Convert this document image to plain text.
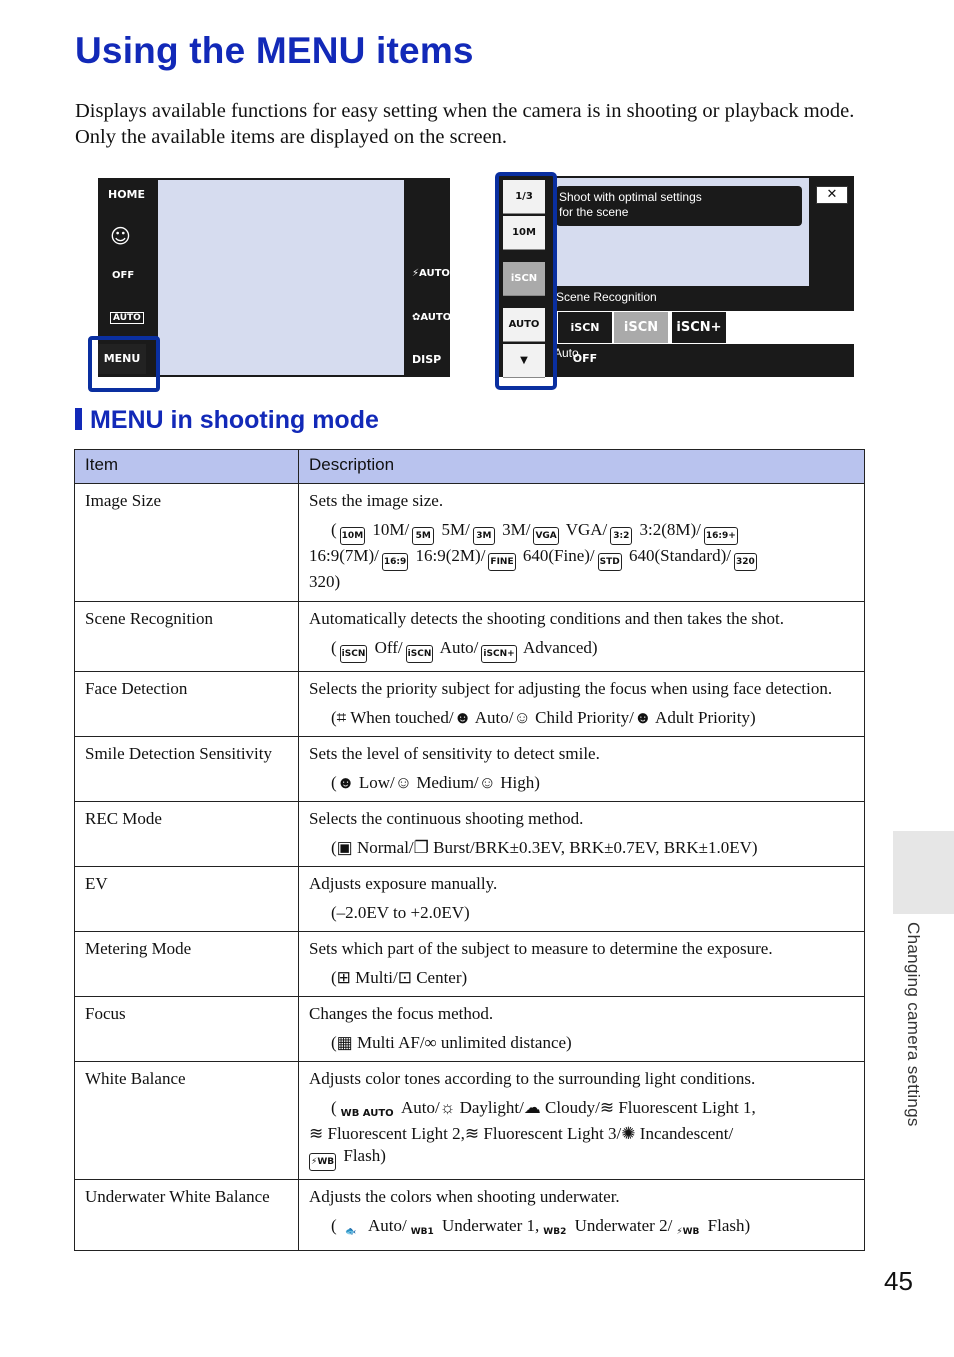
Using the MENU items

Displays available functions for easy setting when the camera is in shooting or playback mode. Only the available items are displayed on the screen.

HOME
☺
OFF
AUTO
⚡AUTO
✿AUTO
DISP
MENU
Shoot with optimal settings
for the scene
✕
Scene Recognition
iSCN OFF
iSCN	iSCN+
Auto
1/3
10M
iSCN
AUTO
▼
MENU in shooting mode
Item	Description
Image Size	Sets the image size.
( 10M 10M/ 5M 5M/ 3M 3M/ VGA VGA/ 3:2 3:2(8M)/ 16:9+
16:9(7M)/ 16:9 16:9(2M)/ FINE 640(Fine)/ STD 640(Standard)/ 320
320)

Scene Recognition	Automatically detects the shooting conditions and then takes the shot.
( iSCN Off/ iSCN Auto/ iSCN+ Advanced)

Face Detection	Selects the priority subject for adjusting the focus when using face detection.
(⌗ When touched/☻ Auto/☺ Child Priority/☻ Adult Priority)

Smile Detection Sensitivity	Sets the level of sensitivity to detect smile.
(☻ Low/☺ Medium/☺ High)

REC Mode	Selects the continuous shooting method.
(▣ Normal/❐ Burst/BRK±0.3EV, BRK±0.7EV, BRK±1.0EV)

EV	Adjusts exposure manually.
(–2.0EV to +2.0EV)

Metering Mode	Sets which part of the subject to measure to determine the exposure.
(⊞ Multi/⊡ Center)

Focus	Changes the focus method.
(▦ Multi AF/∞ unlimited distance)

White Balance	Adjusts color tones according to the surrounding light conditions.
( WB AUTO Auto/☼ Daylight/☁ Cloudy/≋ Fluorescent Light 1,
≋ Fluorescent Light 2,≋ Fluorescent Light 3/✺ Incandescent/
⚡WB Flash)

Underwater White Balance	Adjusts the colors when shooting underwater.
( 🐟 Auto/ WB1 Underwater 1, WB2 Underwater 2/ ⚡WB Flash)
Changing camera settings
45
